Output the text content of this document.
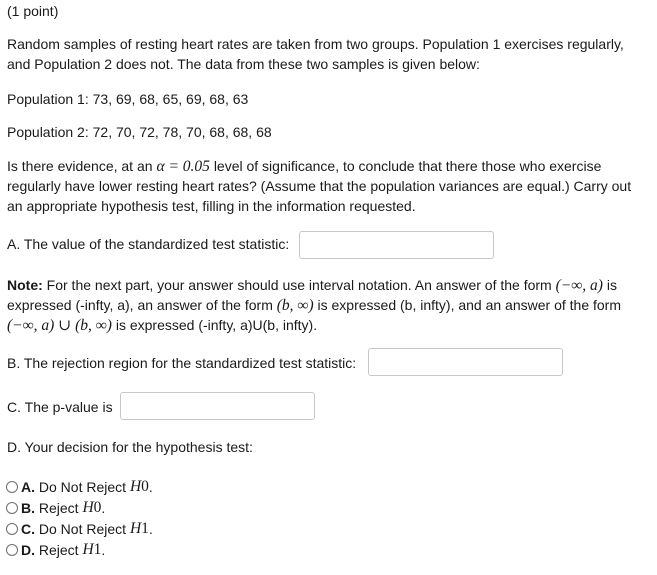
(1 point)
Random samples of resting heart rates are taken from two groups. Population 1 exercises regularly,
and Population 2 does not. The data from these two samples is given below:
Population 1: 73, 69, 68, 65, 69, 68, 63
Population 2: 72, 70, 72, 78, 70, 68, 68, 68
Is there evidence, at an α = 0.05 level of significance, to conclude that there those who exercise
regularly have lower resting heart rates? (Assume that the population variances are equal.) Carry out
an appropriate hypothesis test, filling in the information requested.
A. The value of the standardized test statistic:
Note: For the next part, your answer should use interval notation. An answer of the form (−∞, a) is
expressed (-infty, a), an answer of the form (b, ∞) is expressed (b, infty), and an answer of the form
(−∞, a) ∪ (b, ∞) is expressed (-infty, a)U(b, infty).
B. The rejection region for the standardized test statistic:
C. The p-value is
D. Your decision for the hypothesis test:
A.
Do Not Reject
H 0 .
B.
Reject
H 0 .
C.
Do Not Reject
H 1 .
D.
Reject
H 1 .
